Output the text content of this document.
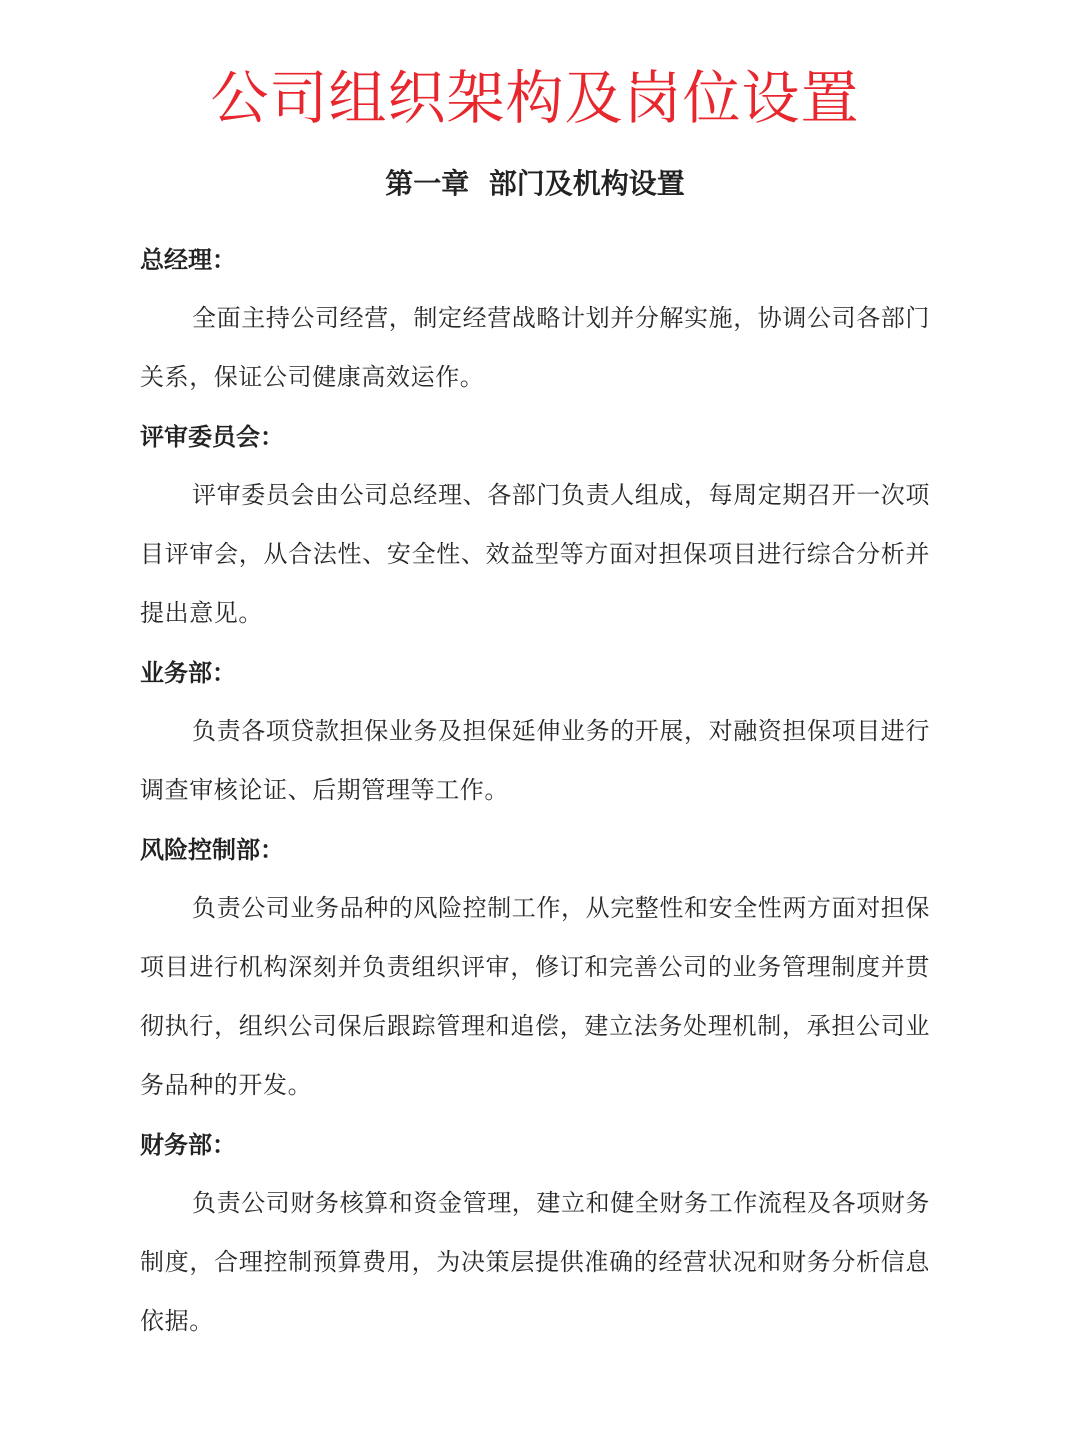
公司组织架构及岗位设置
第一章  部门及机构设置

总经理：

全面主持公司经营，制定经营战略计划并分解实施，协调公司各部门关系，保证公司健康高效运作。

评审委员会：

评审委员会由公司总经理、各部门负责人组成，每周定期召开一次项目评审会，从合法性、安全性、效益型等方面对担保项目进行综合分析并提出意见。

业务部：

负责各项贷款担保业务及担保延伸业务的开展，对融资担保项目进行调查审核论证、后期管理等工作。

风险控制部：

负责公司业务品种的风险控制工作，从完整性和安全性两方面对担保项目进行机构深刻并负责组织评审，修订和完善公司的业务管理制度并贯彻执行，组织公司保后跟踪管理和追偿，建立法务处理机制，承担公司业务品种的开发。

财务部：

负责公司财务核算和资金管理，建立和健全财务工作流程及各项财务制度，合理控制预算费用，为决策层提供准确的经营状况和财务分析信息依据。
